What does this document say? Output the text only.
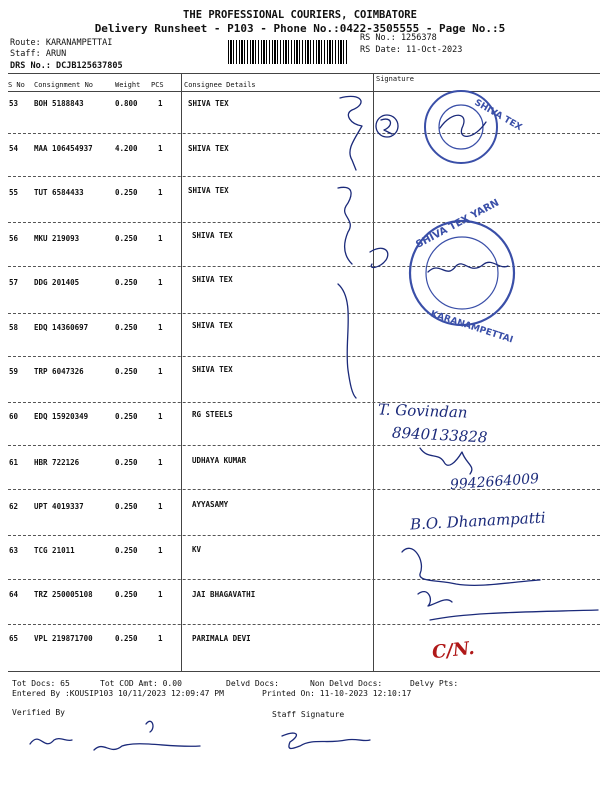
THE PROFESSIONAL COURIERS, COIMBATORE
Delivery Runsheet - P103 - Phone No.:0422-3505555 - Page No.:5
Route: KARANAMPETTAI
Staff: ARUN
DRS No.: DCJB125637805
RS No.: 1256378
RS Date: 11-Oct-2023
S No Consignment No	Weight PCS	Consignee Details
Signature
53 BOH 5188843	0.800	1	SHIVA TEX
54 MAA 106454937	4.200	1	SHIVA TEX
55 TUT 6584433	0.250	1	SHIVA TEX
56 MKU 219093	0.250	1	SHIVA TEX
57 DDG 201405	0.250	1	SHIVA TEX
58 EDQ 14360697	0.250	1	SHIVA TEX
59 TRP 6047326	0.250	1	SHIVA TEX
60 EDQ 15920349	0.250	1	RG STEELS
61 HBR 722126	0.250	1	UDHAYA KUMAR
62 UPT 4019337	0.250	1	AYYASAMY
63 TCG 21011	0.250	1	KV
64 TRZ 250005108	0.250	1	JAI BHAGAVATHI
65 VPL 219871700	0.250	1	PARIMALA DEVI
SHIVA TEX
SHIVA TEX YARN
KARANAMPETTAI
T. Govindan
8940133828
9942664009
B.O. Dhanampatti
C/N.
Tot Docs: 65	Tot COD Amt: 0.00	Delvd Docs:	Non Delvd Docs:	Delvy Pts:
Entered By :KOUSIP103 10/11/2023 12:09:47 PM	Printed On: 11-10-2023 12:10:17
Verified By	Staff Signature
